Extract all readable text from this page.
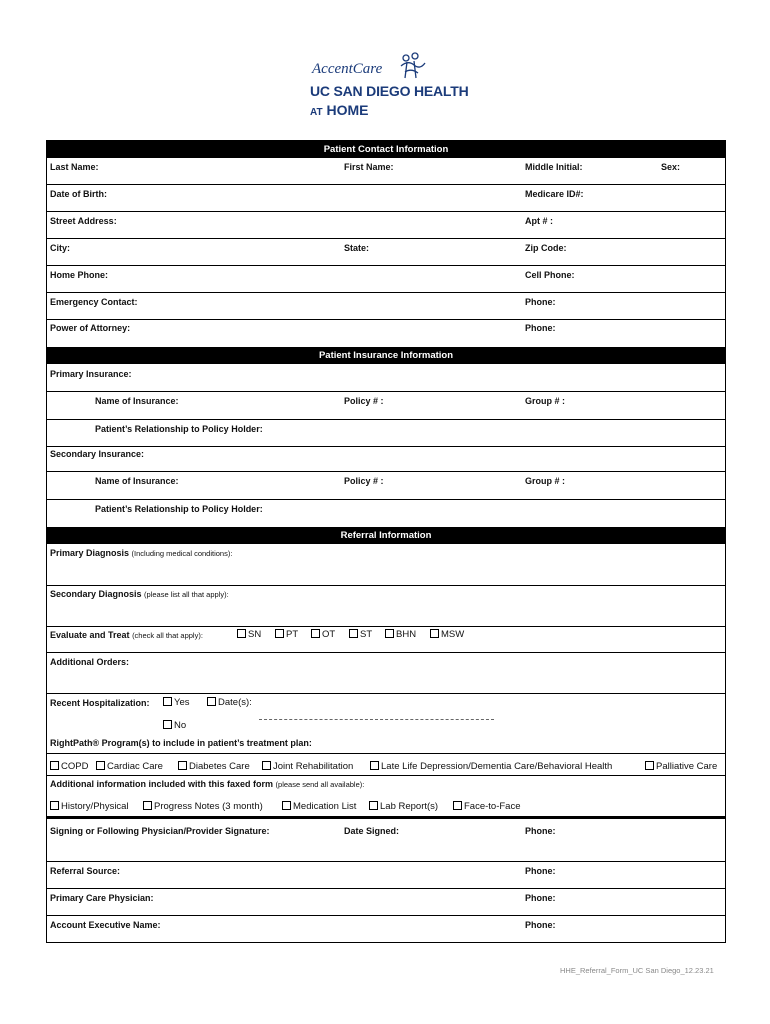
AccentCare
UC SAN DIEGO HEALTH
AT HOME
Patient Contact Information
Last Name:	First Name:	Middle Initial:	Sex:
Date of Birth:	Medicare ID#:
Street Address:	Apt # :
City:	State:	Zip Code:
Home Phone:	Cell Phone:
Emergency Contact:	Phone:
Power of Attorney:	Phone:
Patient Insurance Information
Primary Insurance:
Name of Insurance:	Policy # :	Group # :
Patient’s Relationship to Policy Holder:
Secondary Insurance:
Name of Insurance:	Policy # :	Group # :
Patient’s Relationship to Policy Holder:
Referral Information
Primary Diagnosis (Including medical conditions):
Secondary Diagnosis (please list all that apply):
Evaluate and Treat (check all that apply):	SN	PT	OT	ST	BHN	MSW
Additional Orders:
Recent Hospitalization:	Yes	Date(s):
No
RightPath® Program(s) to include in patient’s treatment plan:
COPD	Cardiac Care	Diabetes Care	Joint Rehabilitation	Late Life Depression/Dementia Care/Behavioral Health	Palliative Care
Additional information included with this faxed form (please send all available):
History/Physical	Progress Notes (3 month)	Medication List	Lab Report(s)	Face-to-Face
Signing or Following Physician/Provider Signature:	Date Signed:	Phone:
Referral Source:	Phone:
Primary Care Physician:	Phone:
Account Executive Name:	Phone:
HHE_Referral_Form_UC San Diego_12.23.21
